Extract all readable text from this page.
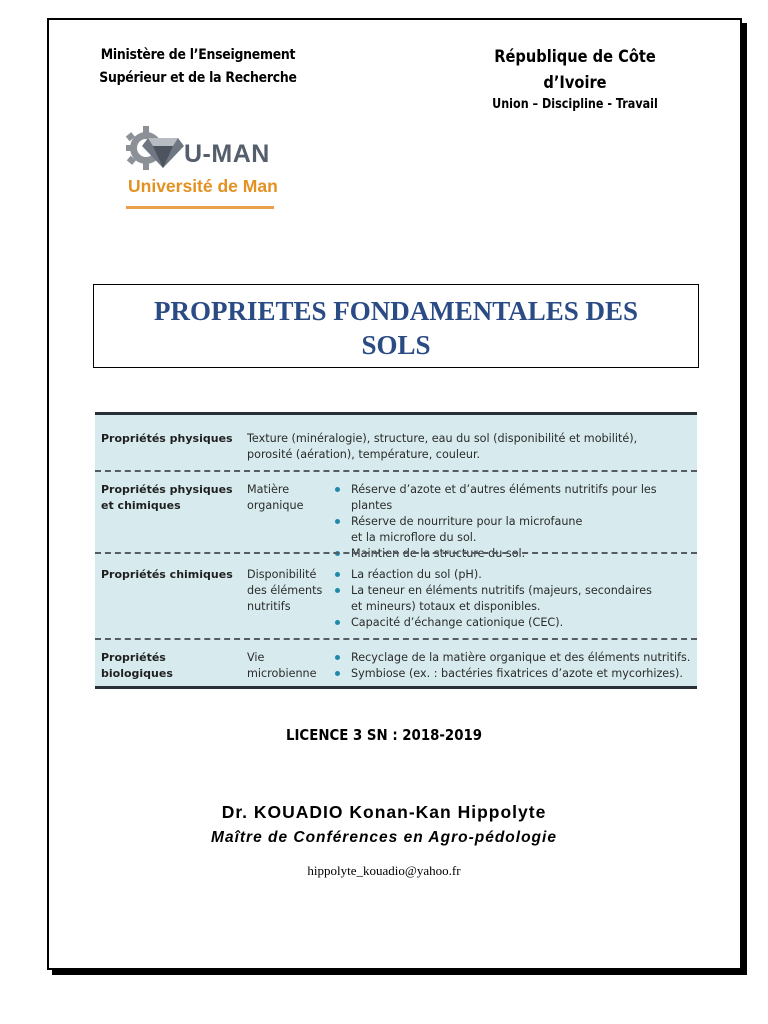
Ministère de l’Enseignement
Supérieur et de la Recherche
République de Côte d’Ivoire
Union – Discipline - Travail
U-MAN
Université de Man
PROPRIETES FONDAMENTALES DES
SOLS
Propriétés physiques	Texture (minéralogie), structure, eau du sol (disponibilité et mobilité),
porosité (aération), température, couleur.
Propriétés physiques
et chimiques
Matière
organique
Réserve d’azote et d’autres éléments nutritifs pour les plantes
Réserve de nourriture pour la microfaune
et la microflore du sol.
Maintien de la structure du sol.
Propriétés chimiques	Disponibilité
des éléments
nutritifs
La réaction du sol (pH).
La teneur en éléments nutritifs (majeurs, secondaires
et mineurs) totaux et disponibles.
Capacité d’échange cationique (CEC).
Propriétés biologiques
Vie
microbienne
Recyclage de la matière organique et des éléments nutritifs.
Symbiose (ex. : bactéries fixatrices d’azote et mycorhizes).
LICENCE 3 SN : 2018-2019
Dr. KOUADIO Konan-Kan Hippolyte
Maître de Conférences en Agro-pédologie
hippolyte_kouadio@yahoo.fr
